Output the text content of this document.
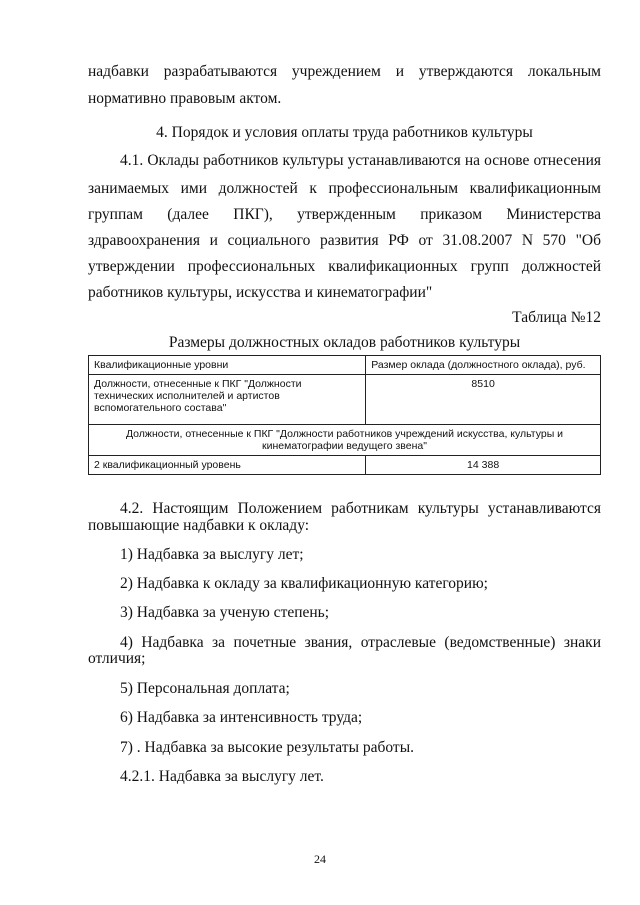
надбавки разрабатываются учреждением и утверждаются локальным
нормативно правовым актом.
4. Порядок и условия оплаты труда работников культуры
4.1. Оклады работников культуры устанавливаются на основе отнесения
занимаемых ими должностей к профессиональным квалификационным
группам (далее ПКГ), утвержденным приказом Министерства
здравоохранения и социального развития РФ от 31.08.2007 N 570 "Об
утверждении профессиональных квалификационных групп должностей
работников культуры, искусства и кинематографии"
Таблица №12
Размеры должностных окладов работников культуры
Квалификационные уровни	Размер оклада (должностного оклада), руб.
Должности, отнесенные к ПКГ "Должности технических исполнителей и артистов вспомогательного состава"	8510
Должности, отнесенные к ПКГ "Должности работников учреждений искусства, культуры и кинематографии ведущего звена"	
2 квалификационный уровень	14 388
4.2. Настоящим Положением работникам культуры устанавливаются
повышающие надбавки к окладу:
1) Надбавка за выслугу лет;
2) Надбавка к окладу за квалификационную категорию;
3) Надбавка за ученую степень;
4) Надбавка за почетные звания, отраслевые (ведомственные) знаки
отличия;
5) Персональная доплата;
6) Надбавка за интенсивность труда;
7) . Надбавка за высокие результаты работы.
4.2.1. Надбавка за выслугу лет.
24
